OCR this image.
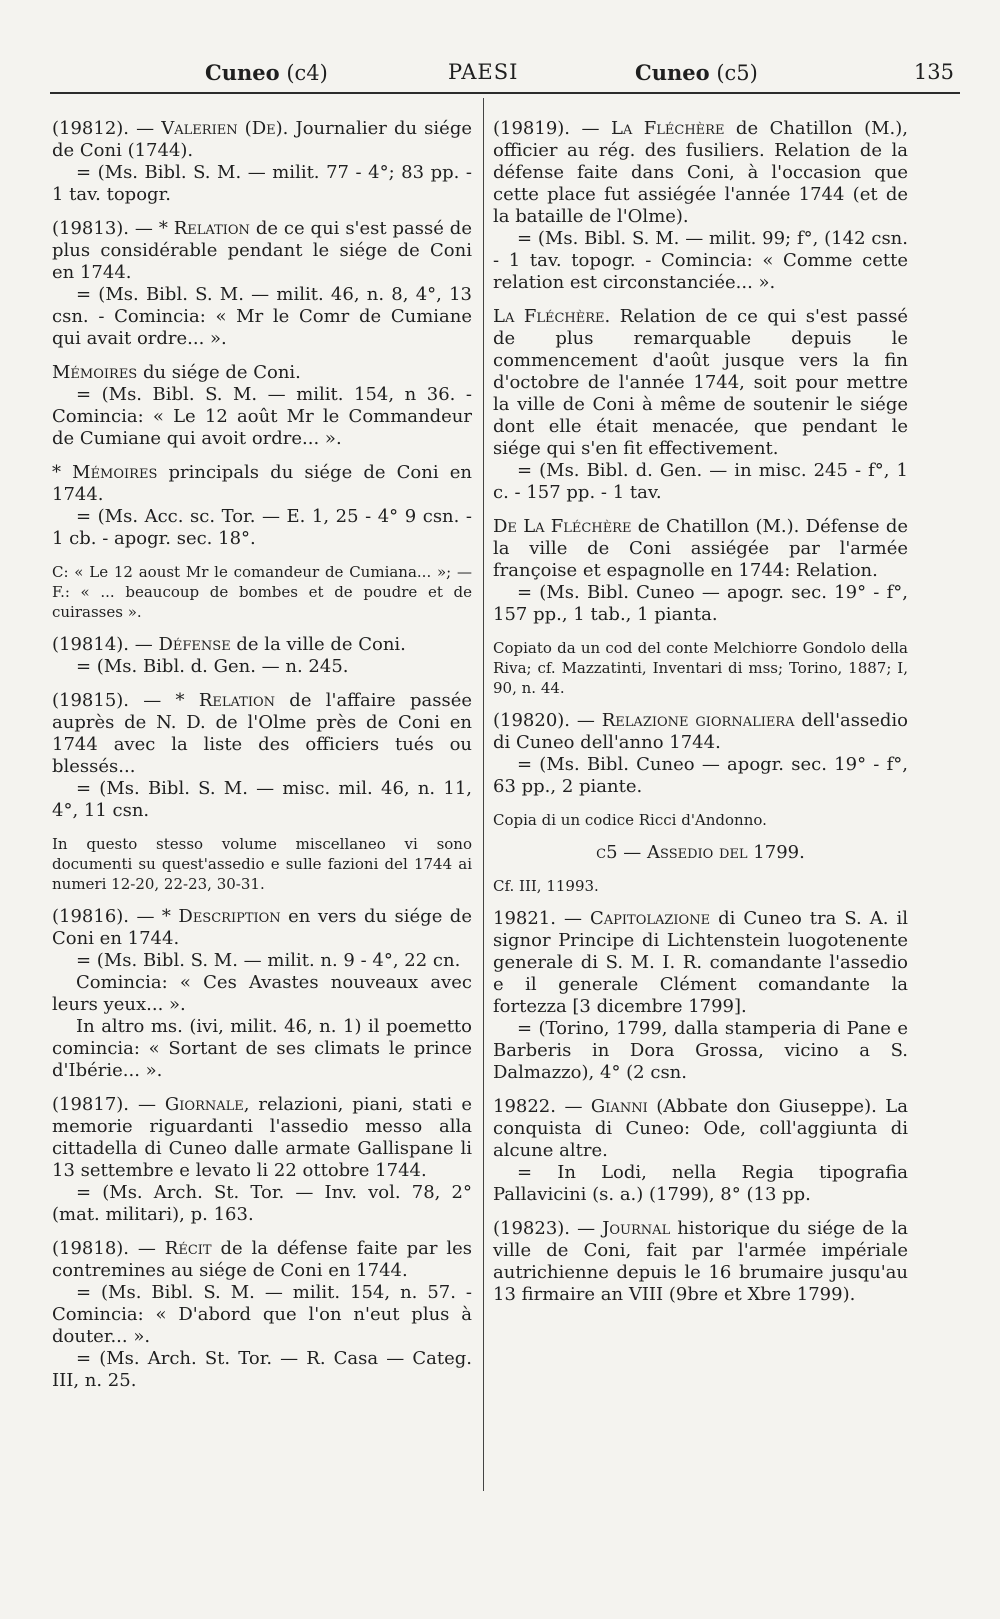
Cuneo (c4)	PAESI	Cuneo (c5)	135

(19812). — Valerien (De). Journalier du siége de Coni (1744).

= (Ms. Bibl. S. M. — milit. 77 - 4°; 83 pp. - 1 tav. topogr.

(19813). — * Relation de ce qui s'est passé de plus considérable pendant le siége de Coni en 1744.

= (Ms. Bibl. S. M. — milit. 46, n. 8, 4°, 13 csn. - Comincia: « Mr le Comr de Cumiane qui avait ordre... ».

Mémoires du siége de Coni.

= (Ms. Bibl. S. M. — milit. 154, n 36. - Comincia: « Le 12 août Mr le Commandeur de Cumiane qui avoit ordre... ».

* Mémoires principals du siége de Coni en 1744.

= (Ms. Acc. sc. Tor. — E. 1, 25 - 4° 9 csn. - 1 cb. - apogr. sec. 18°.

C: « Le 12 aoust Mr le comandeur de Cumiana... »; — F.: « ... beaucoup de bombes et de poudre et de cuirasses ».

(19814). — Défense de la ville de Coni.

= (Ms. Bibl. d. Gen. — n. 245.

(19815). — * Relation de l'affaire passée auprès de N. D. de l'Olme près de Coni en 1744 avec la liste des officiers tués ou blessés...

= (Ms. Bibl. S. M. — misc. mil. 46, n. 11, 4°, 11 csn.

In questo stesso volume miscellaneo vi sono documenti su quest'assedio e sulle fazioni del 1744 ai numeri 12-20, 22-23, 30-31.

(19816). — * Description en vers du siége de Coni en 1744.

= (Ms. Bibl. S. M. — milit. n. 9 - 4°, 22 cn.

Comincia: « Ces Avastes nouveaux avec leurs yeux... ».

In altro ms. (ivi, milit. 46, n. 1) il poemetto comincia: « Sortant de ses climats le prince d'Ibérie... ».

(19817). — Giornale, relazioni, piani, stati e memorie riguardanti l'assedio messo alla cittadella di Cuneo dalle armate Gallispane li 13 settembre e levato li 22 ottobre 1744.

= (Ms. Arch. St. Tor. — Inv. vol. 78, 2° (mat. militari), p. 163.

(19818). — Récit de la défense faite par les contremines au siége de Coni en 1744.

= (Ms. Bibl. S. M. — milit. 154, n. 57. - Comincia: « D'abord que l'on n'eut plus à douter... ».

= (Ms. Arch. St. Tor. — R. Casa — Categ. III, n. 25.

(19819). — La Fléchère de Chatillon (M.), officier au rég. des fusiliers. Relation de la défense faite dans Coni, à l'occasion que cette place fut assiégée l'année 1744 (et de la bataille de l'Olme).

= (Ms. Bibl. S. M. — milit. 99; f°, (142 csn. - 1 tav. topogr. - Comincia: « Comme cette relation est circonstanciée... ».

La Fléchère. Relation de ce qui s'est passé de plus remarquable depuis le commencement d'août jusque vers la fin d'octobre de l'année 1744, soit pour mettre la ville de Coni à même de soutenir le siége dont elle était menacée, que pendant le siége qui s'en fit effectivement.

= (Ms. Bibl. d. Gen. — in misc. 245 - f°, 1 c. - 157 pp. - 1 tav.

De La Fléchère de Chatillon (M.). Défense de la ville de Coni assiégée par l'armée françoise et espagnolle en 1744: Relation.

= (Ms. Bibl. Cuneo — apogr. sec. 19° - f°, 157 pp., 1 tab., 1 pianta.

Copiato da un cod del conte Melchiorre Gondolo della Riva; cf. Mazzatinti, Inventari di mss; Torino, 1887; I, 90, n. 44.

(19820). — Relazione giornaliera dell'assedio di Cuneo dell'anno 1744.

= (Ms. Bibl. Cuneo — apogr. sec. 19° - f°, 63 pp., 2 piante.

Copia di un codice Ricci d'Andonno.
c5 — Assedio del 1799.
Cf. III, 11993.

19821. — Capitolazione di Cuneo tra S. A. il signor Principe di Lichtenstein luogotenente generale di S. M. I. R. comandante l'assedio e il generale Clément comandante la fortezza [3 dicembre 1799].

= (Torino, 1799, dalla stamperia di Pane e Barberis in Dora Grossa, vicino a S. Dalmazzo), 4° (2 csn.

19822. — Gianni (Abbate don Giuseppe). La conquista di Cuneo: Ode, coll'aggiunta di alcune altre.

= In Lodi, nella Regia tipografia Pallavicini (s. a.) (1799), 8° (13 pp.

(19823). — Journal historique du siége de la ville de Coni, fait par l'armée impériale autrichienne depuis le 16 brumaire jusqu'au 13 firmaire an VIII (9bre et Xbre 1799).
